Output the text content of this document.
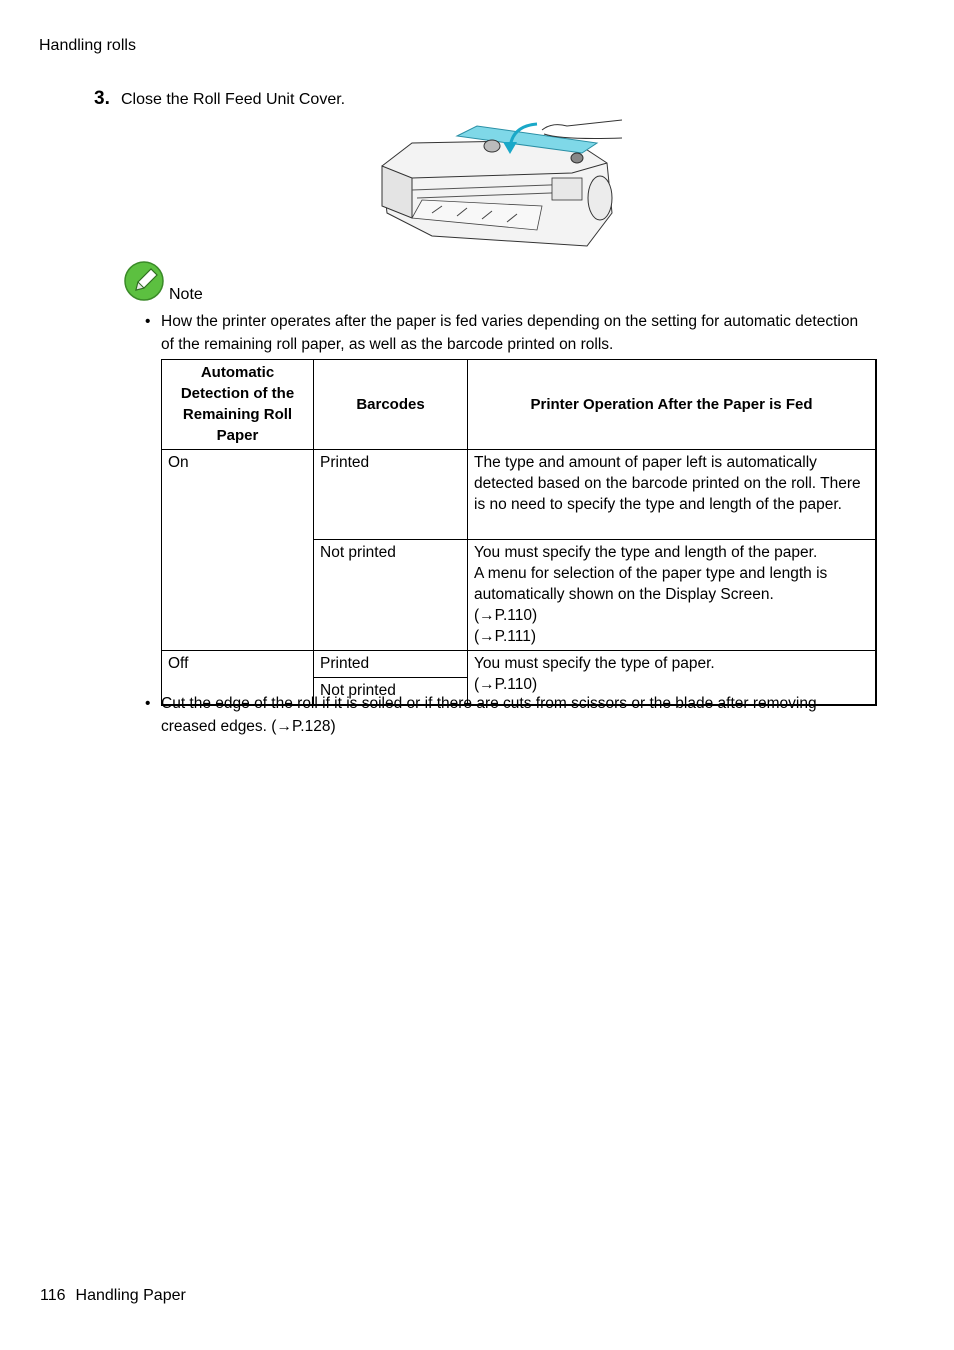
Handling rolls
3. Close the Roll Feed Unit Cover.
Note
• How the printer operates after the paper is fed varies depending on the setting for automatic detection of the remaining roll paper, as well as the barcode printed on rolls.
Automatic Detection of the Remaining Roll Paper	Barcodes	Printer Operation After the Paper is Fed
On	Printed	The type and amount of paper left is automatically detected based on the barcode printed on the roll. There is no need to specify the type and length of the paper.
	Not printed	You must specify the type and length of the paper.
A menu for selection of the paper type and length is automatically shown on the Display Screen.
(→P.110)
(→P.111)

Off	Printed	You must specify the type of paper.
(→P.110)

	Not printed	
• Cut the edge of the roll if it is soiled or if there are cuts from scissors or the blade after removing creased edges. (→P.128)
116 Handling Paper
